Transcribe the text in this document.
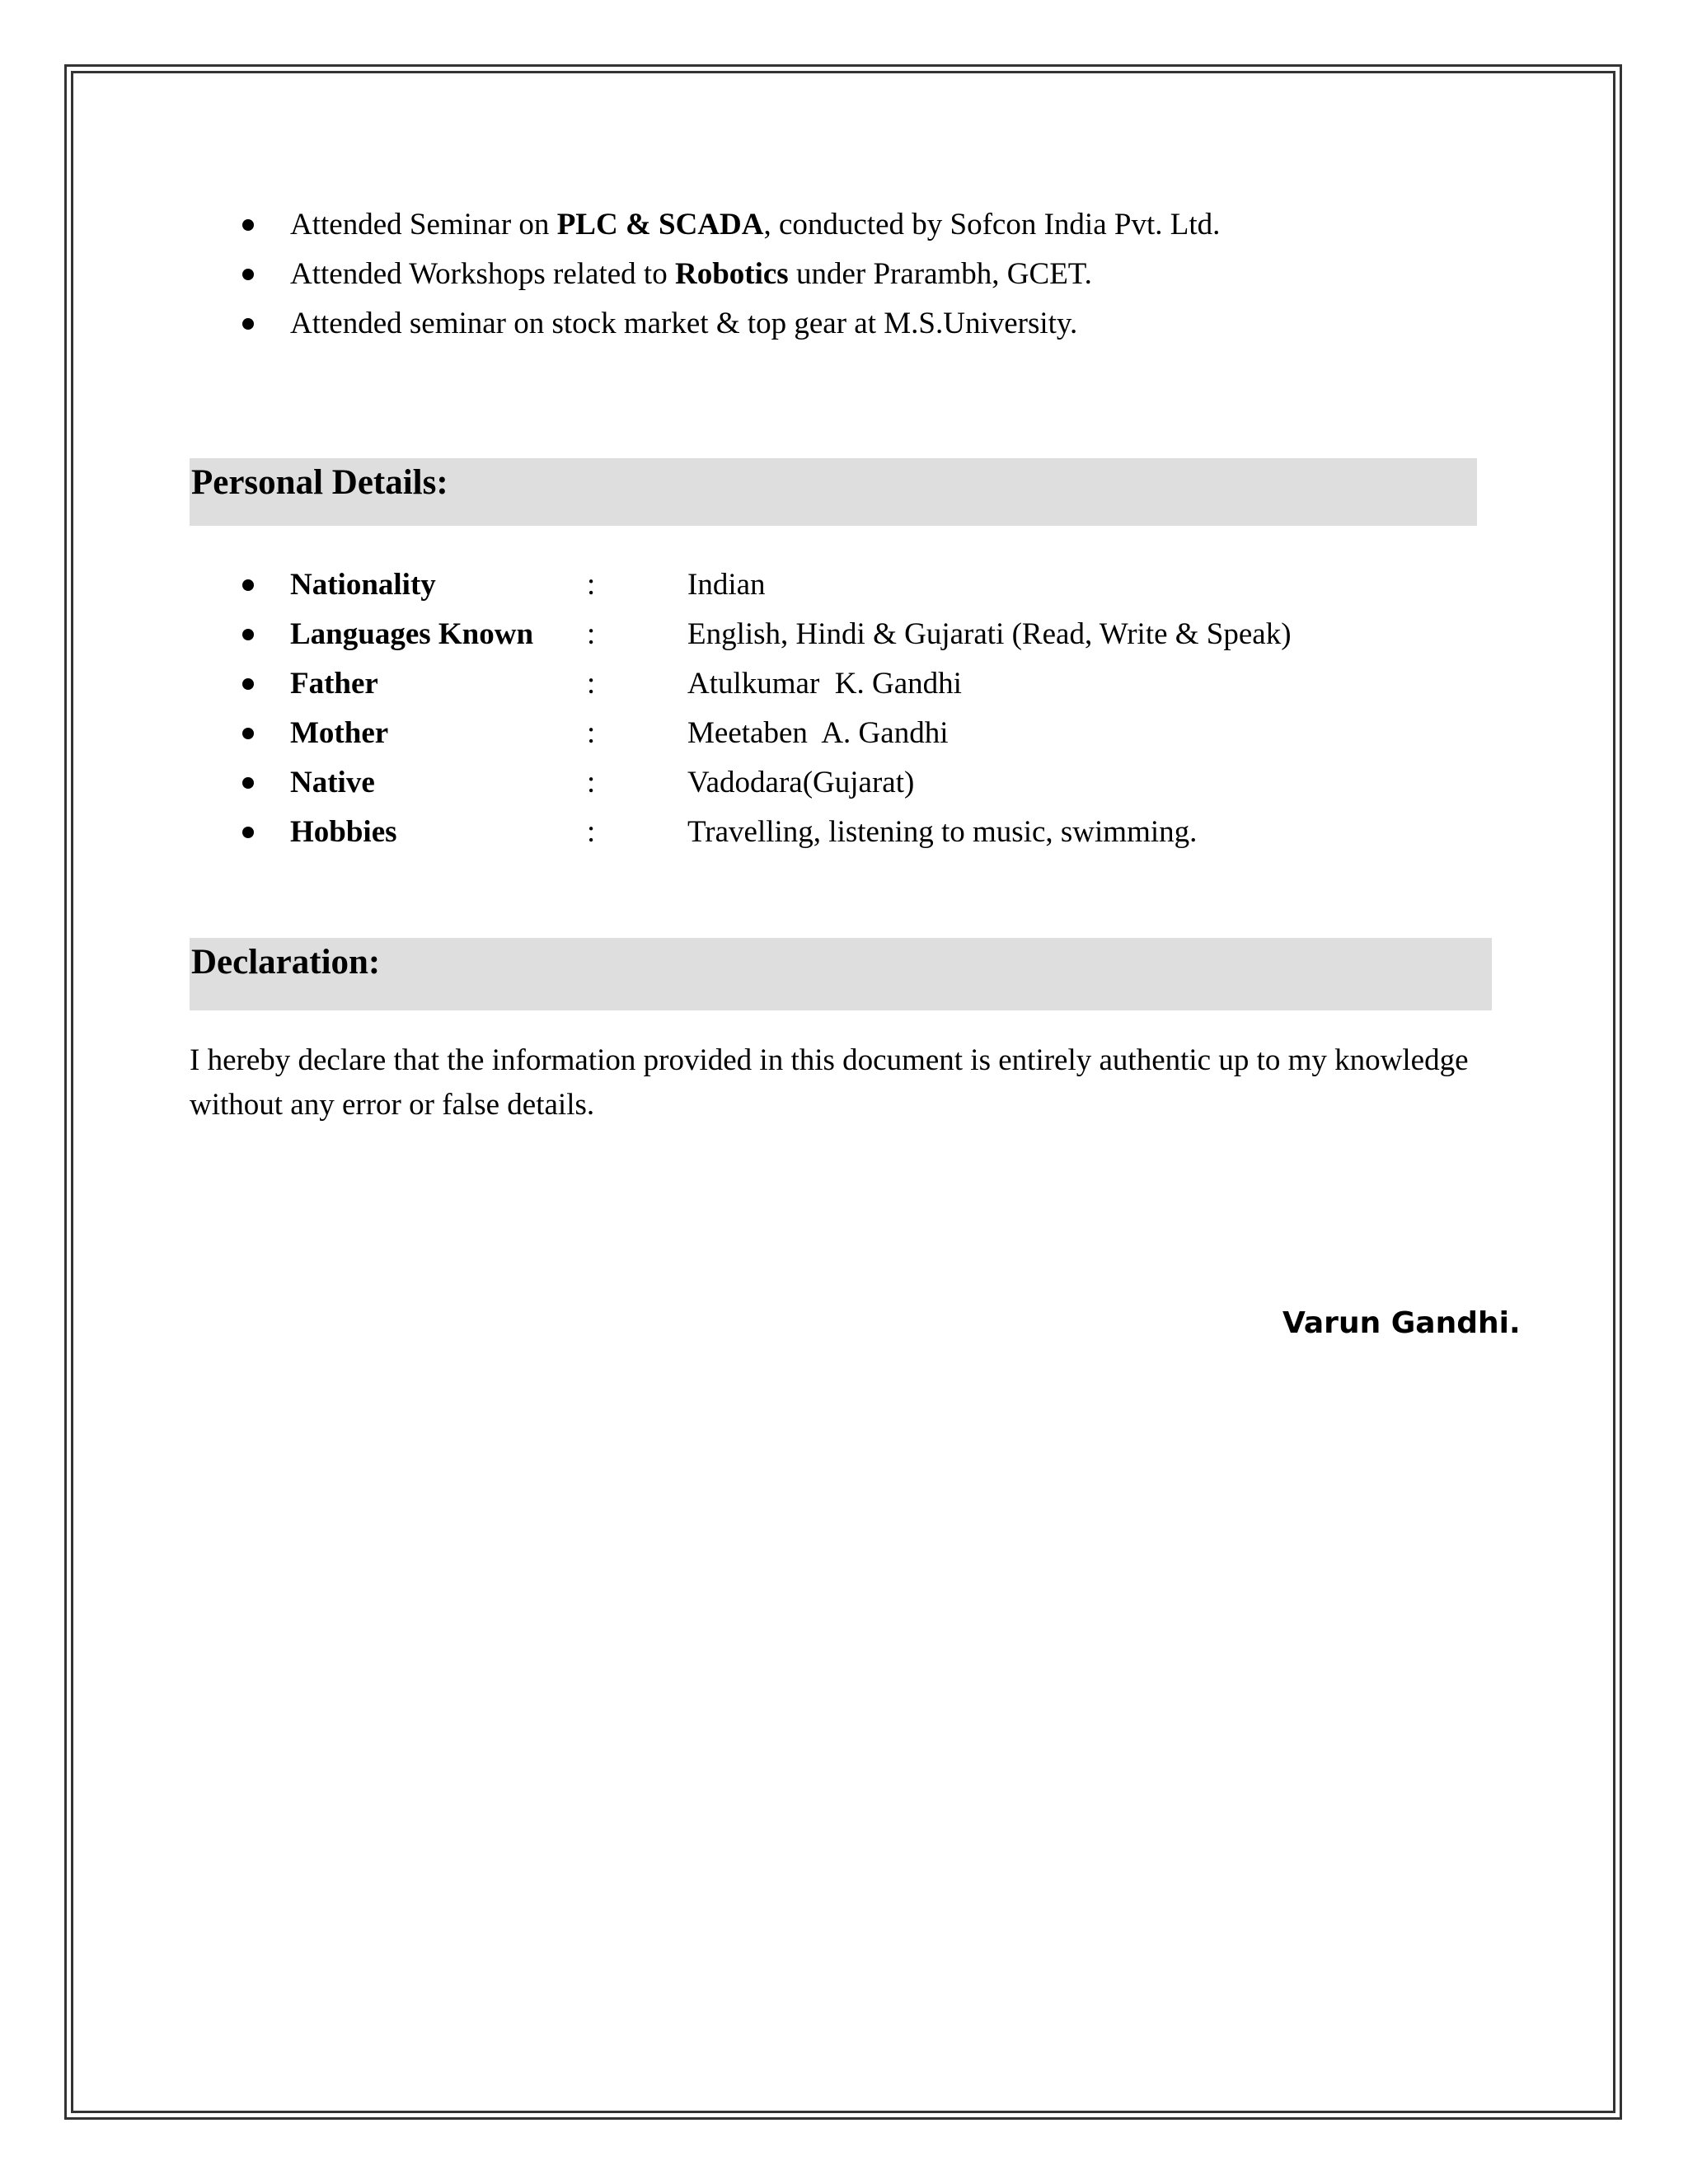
Attended Seminar on PLC & SCADA, conducted by Sofcon India Pvt. Ltd.
Attended Workshops related to Robotics under Prarambh, GCET.
Attended seminar on stock market & top gear at M.S.University.
Personal Details:
Nationality	:	Indian
Languages Known :	English, Hindi & Gujarati (Read, Write & Speak)
Father	:	Atulkumar  K. Gandhi
Mother	:	Meetaben  A. Gandhi
Native	:	Vadodara(Gujarat)
Hobbies	:	Travelling, listening to music, swimming.
Declaration:

I hereby declare that the information provided in this document is entirely authentic up to my knowledge
without any error or false details.

Varun Gandhi.
